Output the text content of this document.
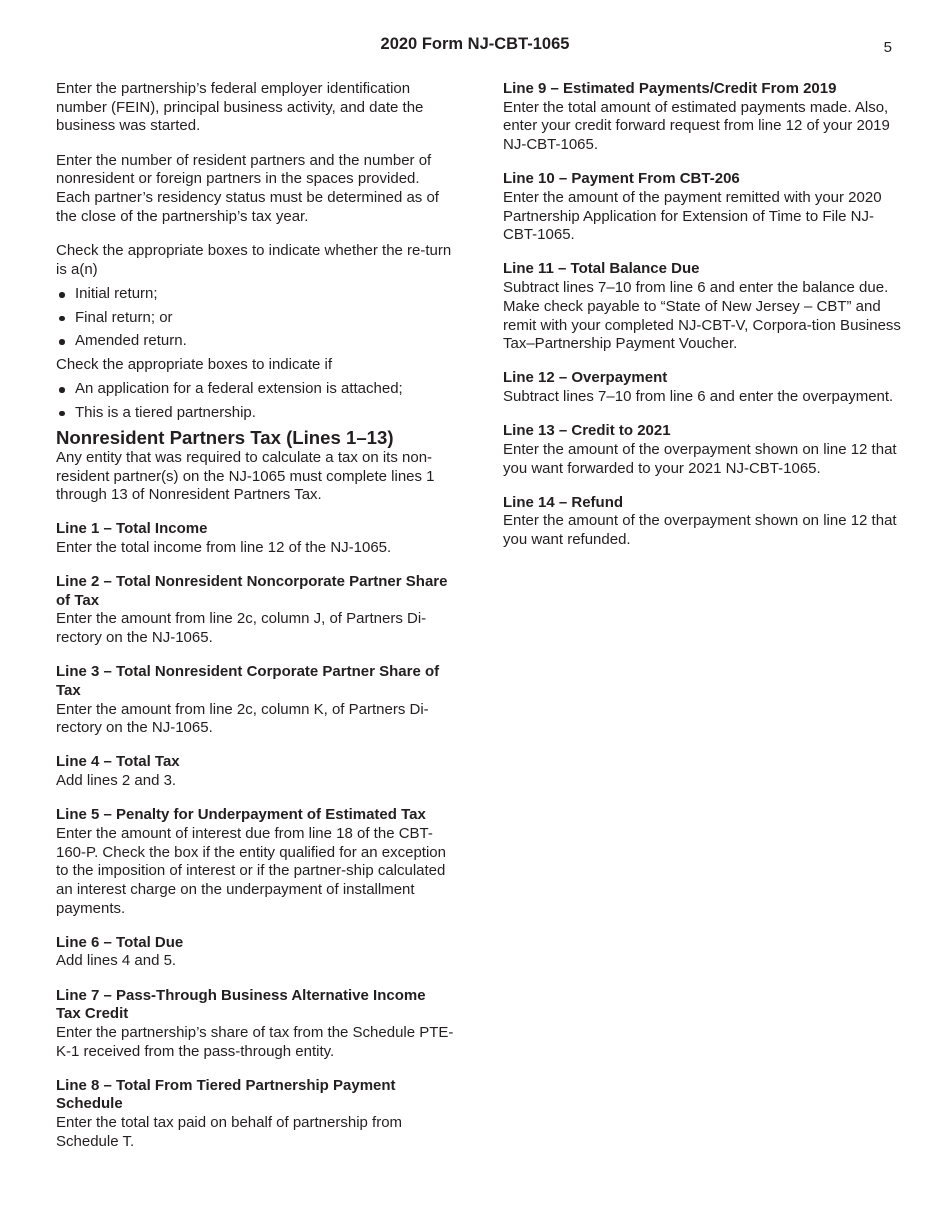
2020 Form NJ-CBT-1065	5

Enter the partnership’s federal employer identification number (FEIN), principal business activity, and date the business was started.

Enter the number of resident partners and the number of nonresident or foreign partners in the spaces provided. Each partner’s residency status must be determined as of the close of the partnership’s tax year.

Check the appropriate boxes to indicate whether the re-turn is a(n)

Initial return;
Final return; or
Amended return.

Check the appropriate boxes to indicate if

An application for a federal extension is attached;
This is a tiered partnership.
Nonresident Partners Tax (Lines 1–13)

Any entity that was required to calculate a tax on its non-resident partner(s) on the NJ-1065 must complete lines 1 through 13 of Nonresident Partners Tax.

Line 1 – Total Income
Enter the total income from line 12 of the NJ-1065.
Line 2 – Total Nonresident Noncorporate Partner Share of Tax
Enter the amount from line 2c, column J, of Partners Di-rectory on the NJ-1065.
Line 3 – Total Nonresident Corporate Partner Share of Tax
Enter the amount from line 2c, column K, of Partners Di-rectory on the NJ-1065.
Line 4 – Total Tax
Add lines 2 and 3.
Line 5 – Penalty for Underpayment of Estimated Tax
Enter the amount of interest due from line 18 of the CBT-160-P. Check the box if the entity qualified for an exception to the imposition of interest or if the partner-ship calculated an interest charge on the underpayment of installment payments.
Line 6 – Total Due
Add lines 4 and 5.
Line 7 – Pass-Through Business Alternative Income Tax Credit
Enter the partnership’s share of tax from the Schedule PTE-K-1 received from the pass-through entity.
Line 8 – Total From Tiered Partnership Payment Schedule
Enter the total tax paid on behalf of partnership from Schedule T.
Line 9 – Estimated Payments/Credit From 2019
Enter the total amount of estimated payments made. Also, enter your credit forward request from line 12 of your 2019 NJ-CBT-1065.
Line 10 – Payment From CBT-206
Enter the amount of the payment remitted with your 2020 Partnership Application for Extension of Time to File NJ-CBT-1065.
Line 11 – Total Balance Due
Subtract lines 7–10 from line 6 and enter the balance due. Make check payable to “State of New Jersey – CBT” and remit with your completed NJ-CBT-V, Corpora-tion Business Tax–Partnership Payment Voucher.
Line 12 – Overpayment
Subtract lines 7–10 from line 6 and enter the overpayment.
Line 13 – Credit to 2021
Enter the amount of the overpayment shown on line 12 that you want forwarded to your 2021 NJ-CBT-1065.
Line 14 – Refund
Enter the amount of the overpayment shown on line 12 that you want refunded.
